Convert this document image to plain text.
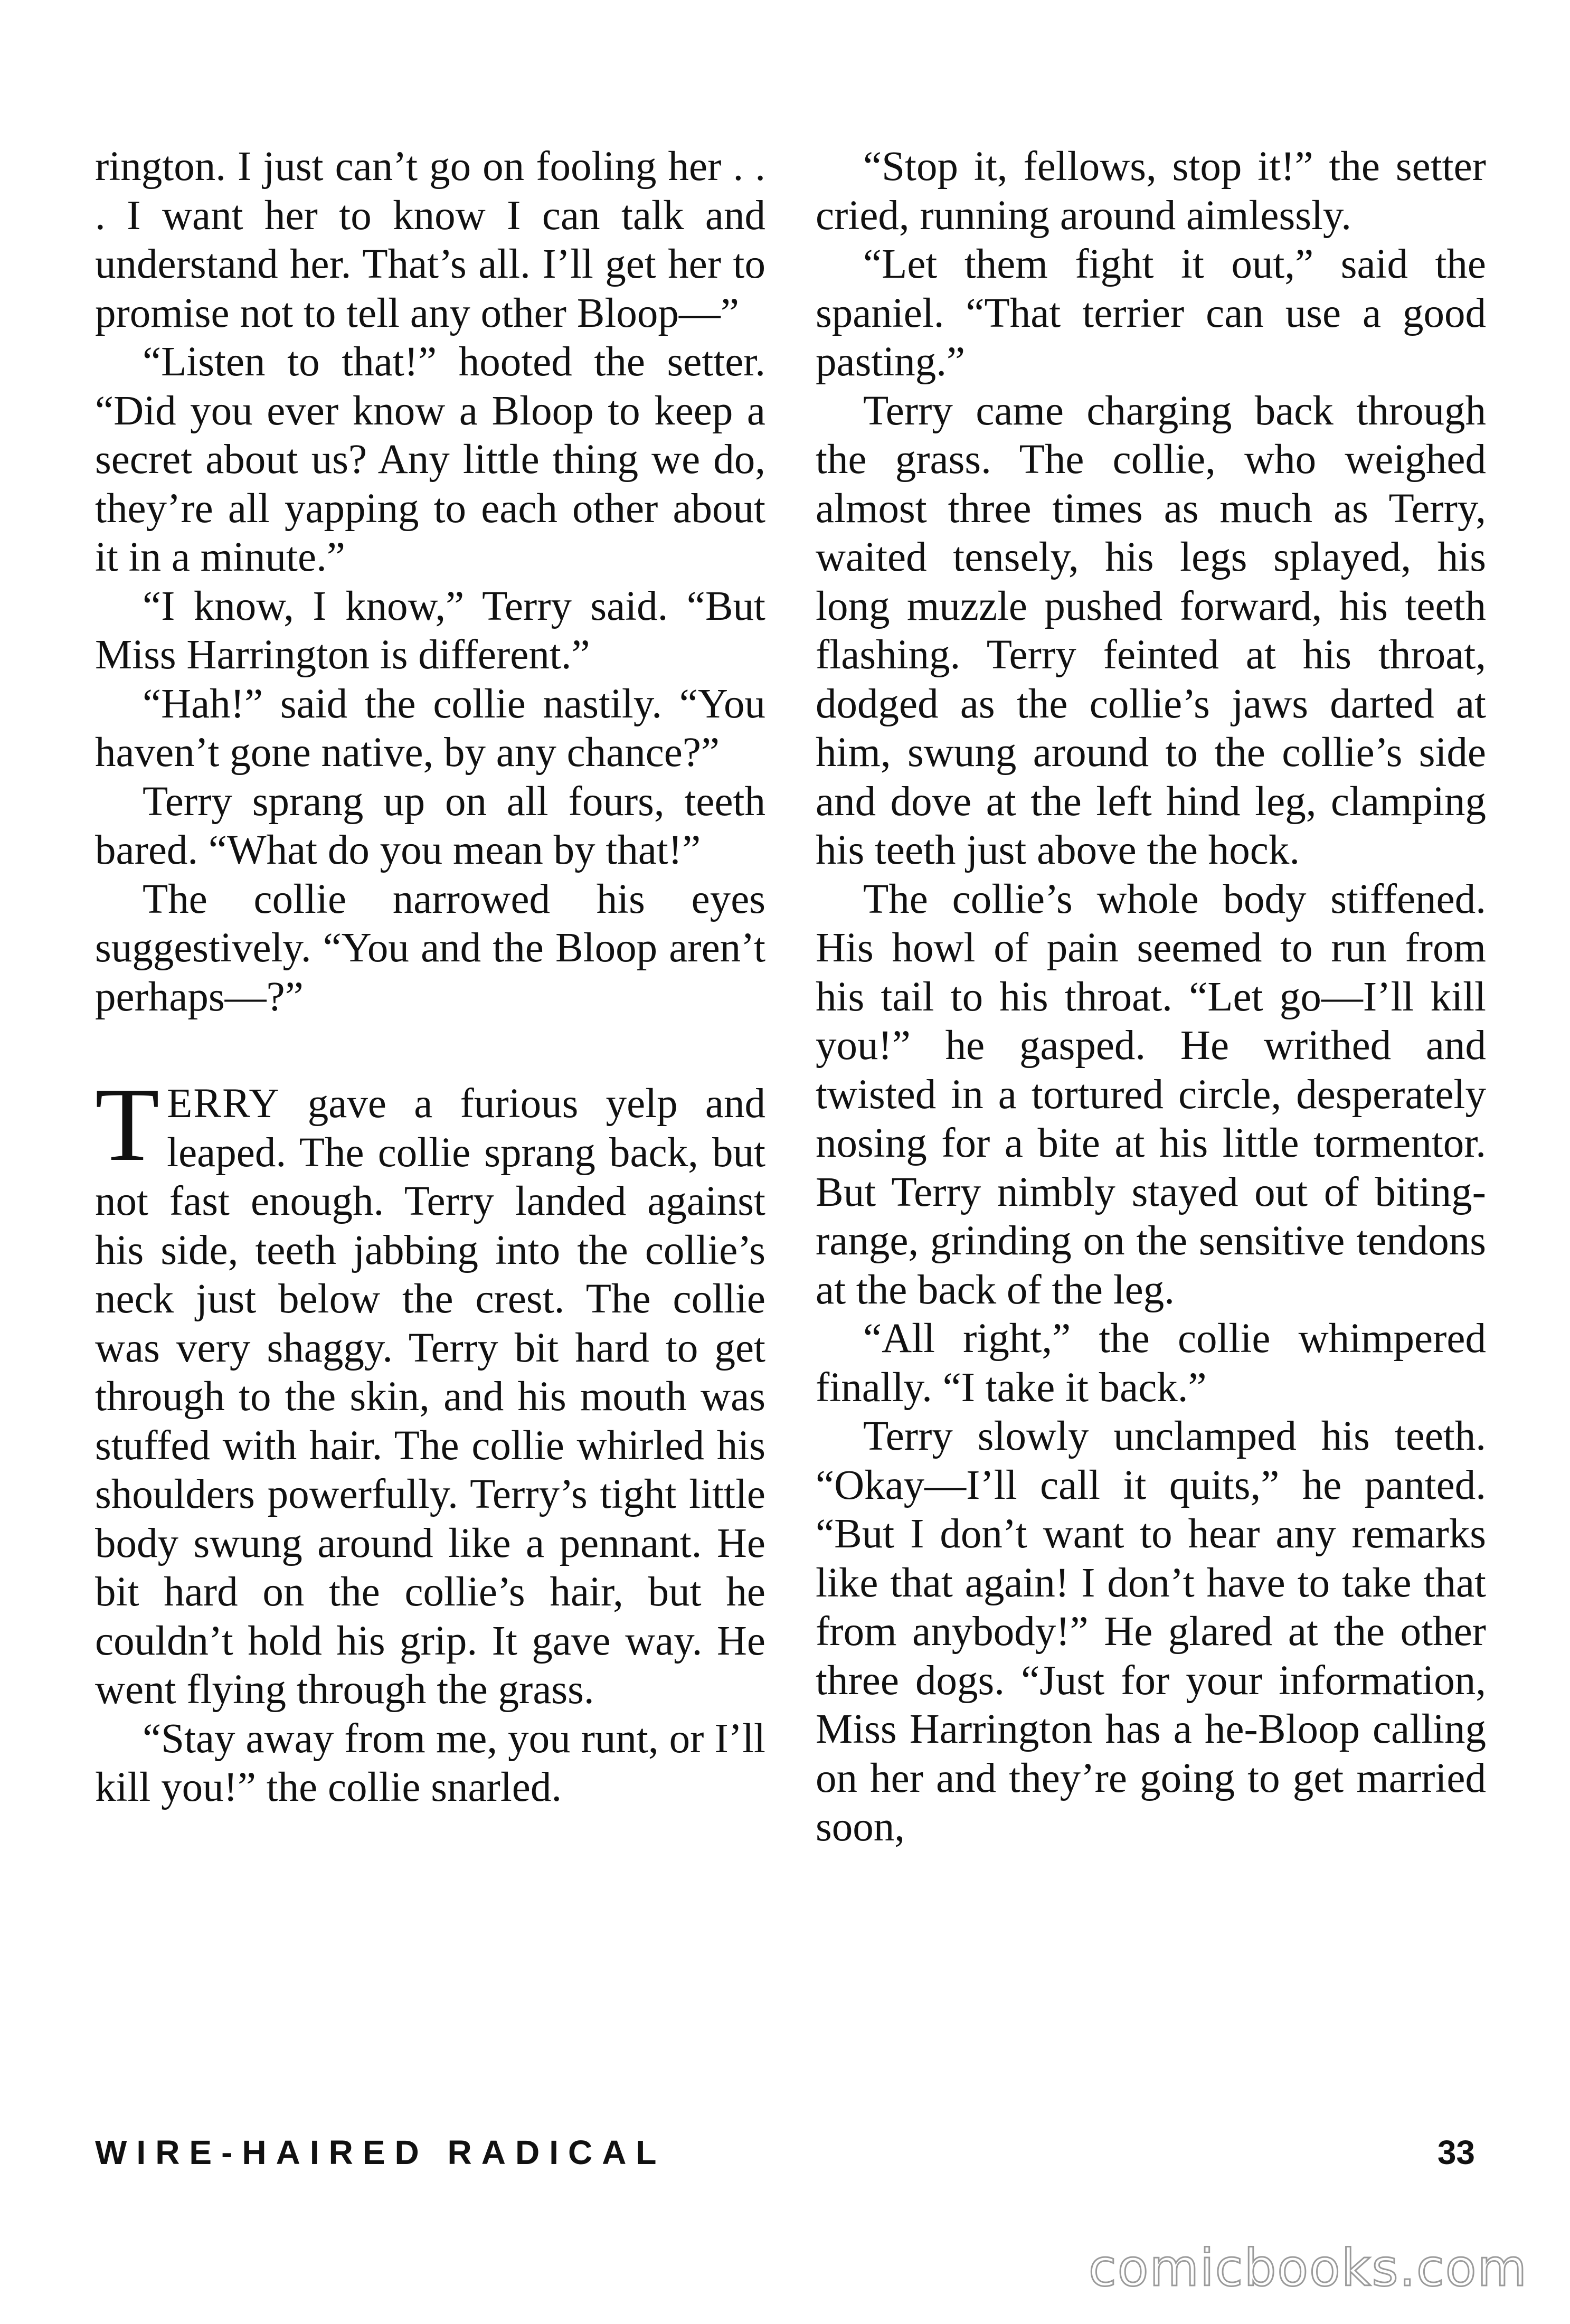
rington. I just can’t go on fooling her . . . I want her to know I can talk and understand her. That’s all. I’ll get her to promise not to tell any other Bloop—”

“Listen to that!” hooted the setter. “Did you ever know a Bloop to keep a secret about us? Any little thing we do, they’re all yapping to each other about it in a minute.”

“I know, I know,” Terry said. “But Miss Harrington is different.”

“Hah!” said the collie nastily. “You haven’t gone native, by any chance?”

Terry sprang up on all fours, teeth bared. “What do you mean by that!”

The collie narrowed his eyes suggestively. “You and the Bloop aren’t perhaps—?”

TERRY gave a furious yelp and leaped. The collie sprang back, but not fast enough. Terry landed against his side, teeth jabbing into the collie’s neck just below the crest. The collie was very shaggy. Terry bit hard to get through to the skin, and his mouth was stuffed with hair. The collie whirled his shoulders powerfully. Terry’s tight little body swung around like a pennant. He bit hard on the collie’s hair, but he couldn’t hold his grip. It gave way. He went flying through the grass.

“Stay away from me, you runt, or I’ll kill you!” the collie snarled.

“Stop it, fellows, stop it!” the setter cried, running around aimlessly.

“Let them fight it out,” said the spaniel. “That terrier can use a good pasting.”

Terry came charging back through the grass. The collie, who weighed almost three times as much as Terry, waited tensely, his legs splayed, his long muzzle pushed forward, his teeth flashing. Terry feinted at his throat, dodged as the collie’s jaws darted at him, swung around to the collie’s side and dove at the left hind leg, clamping his teeth just above the hock.

The collie’s whole body stiffened. His howl of pain seemed to run from his tail to his throat. “Let go—I’ll kill you!” he gasped. He writhed and twisted in a tortured circle, desperately nosing for a bite at his little tormentor. But Terry nimbly stayed out of biting-range, grinding on the sensitive tendons at the back of the leg.

“All right,” the collie whimpered finally. “I take it back.”

Terry slowly unclamped his teeth. “Okay—I’ll call it quits,” he panted. “But I don’t want to hear any remarks like that again! I don’t have to take that from anybody!” He glared at the other three dogs. “Just for your information, Miss Harrington has a he-Bloop calling on her and they’re going to get married soon,

WIRE-HAIRED RADICAL	33
comicbooks.com
